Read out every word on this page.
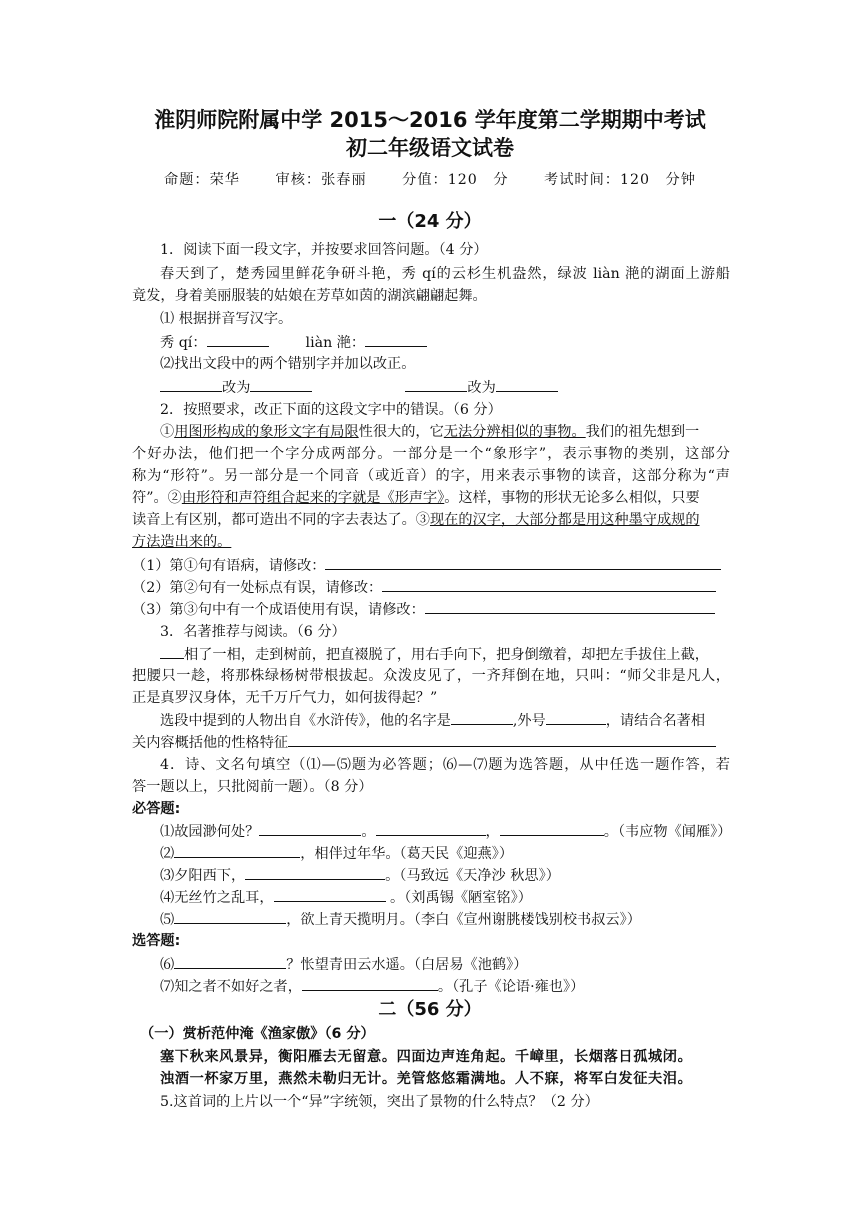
淮阴师院附属中学 2015～2016 学年度第二学期期中考试
初二年级语文试卷
命题：荣华	审核：张春丽	分值：120 分	考试时间：120 分钟
一（24 分）
1．阅读下面一段文字，并按要求回答问题。（4 分）
春天到了，楚秀园里鲜花争研斗艳，秀 qí的云杉生机盎然，绿波 liàn 滟的湖面上游船
竟发，身着美丽服装的姑娘在芳草如茵的湖滨翩翩起舞。
⑴ 根据拼音写汉字。
秀 qí：	liàn 滟：
⑵找出文段中的两个错别字并加以改正。
改为	改为
2．按照要求，改正下面的这段文字中的错误。（6 分）
①用图形构成的象形文字有局限性很大的，它无法分辨相似的事物。我们的祖先想到一
个好办法，他们把一个字分成两部分。一部分是一个“象形字”，表示事物的类别，这部分
称为“形符”。另一部分是一个同音（或近音）的字，用来表示事物的读音，这部分称为“声
符”。②由形符和声符组合起来的字就是《形声字》。这样，事物的形状无论多么相似，只要
读音上有区别，都可造出不同的字去表达了。③现在的汉字，大部分都是用这种墨守成规的
方法造出来的。
（1）第①句有语病，请修改：
（2）第②句有一处标点有误，请修改：
（3）第③句中有一个成语使用有误，请修改：
3．名著推荐与阅读。（6 分）
相了一相，走到树前，把直裰脱了，用右手向下，把身倒缴着，却把左手拔住上截，
把腰只一趁，将那株绿杨树带根拔起。众泼皮见了，一齐拜倒在地，只叫：“师父非是凡人，
正是真罗汉身体，无千万斤气力，如何拔得起？”
选段中提到的人物出自《水浒传》，他的名字是	,外号	，请结合名著相
关内容概括他的性格特征
4．诗、文名句填空（⑴—⑸题为必答题；⑹—⑺题为选答题，从中任选一题作答，若
答一题以上，只批阅前一题）。（8 分）
必答题:
⑴故园渺何处？	。	，	。（韦应物《闻雁》）
⑵	，相伴过年华。（葛天民《迎燕》）
⑶夕阳西下，	。（马致远《天净沙 秋思》）
⑷无丝竹之乱耳，	。（刘禹锡《陋室铭》）
⑸	，欲上青天揽明月。（李白《宣州谢朓楼饯别校书叔云》）
选答题:
⑹	？怅望青田云水遥。（白居易《池鹤》）
⑺知之者不如好之者，	。（孔子《论语·雍也》）
二（56 分）
（一）赏析范仲淹《渔家傲》（6 分）
塞下秋来风景异，衡阳雁去无留意。四面边声连角起。千嶂里，长烟落日孤城闭。
浊酒一杯家万里，燕然未勒归无计。羌管悠悠霜满地。人不寐，将军白发征夫泪。
5.这首词的上片以一个“异”字统领，突出了景物的什么特点？（2 分）
